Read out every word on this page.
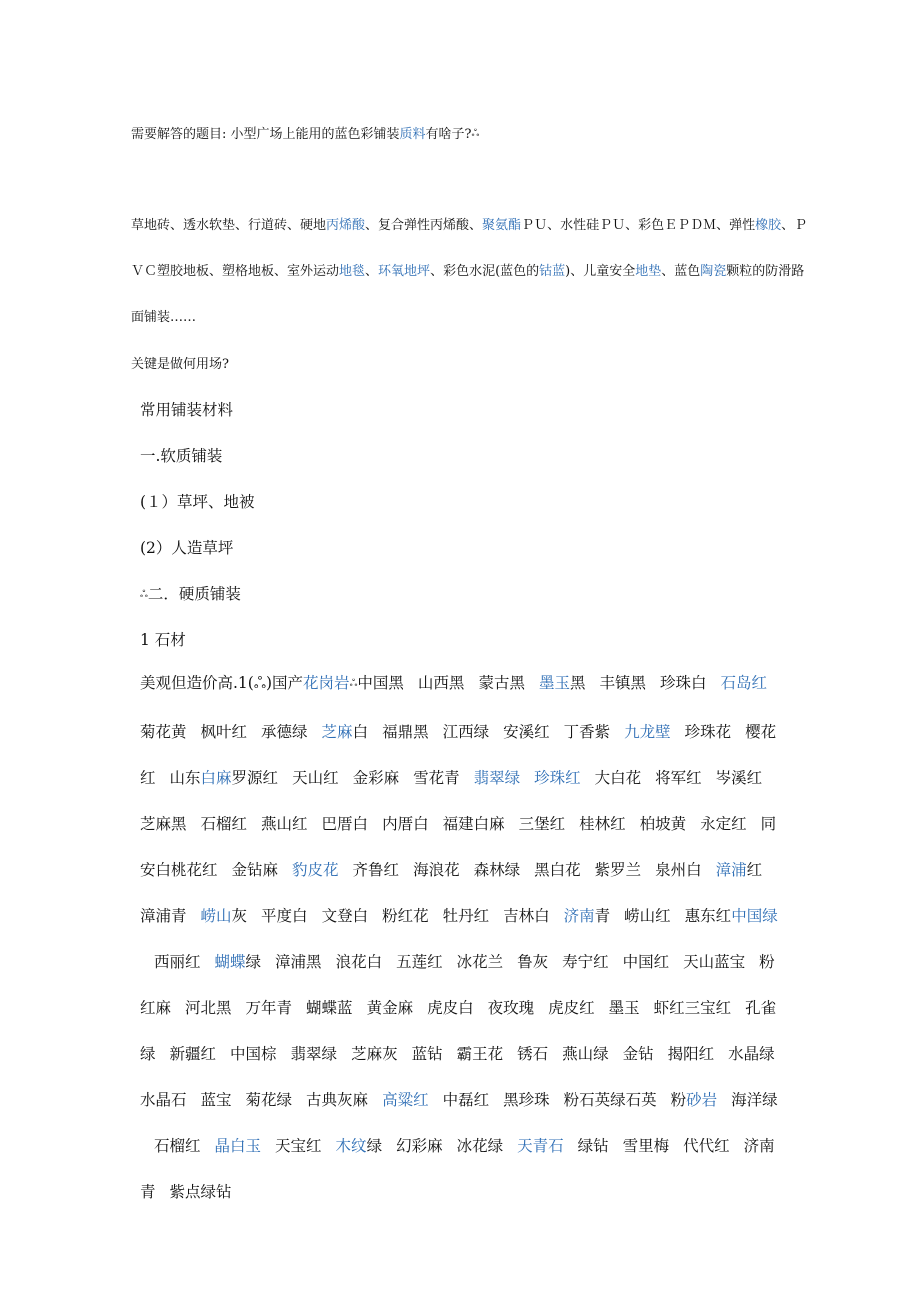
需要解答的题目: 小型广场上能用的蓝色彩铺装质料有啥子?ஃ

草地砖、透水软垫、行道砖、硬地丙烯酸、复合弹性丙烯酸、聚氨酯ＰＵ、水性硅ＰＵ、彩色ＥＰＤＭ、弹性橡胶、ＰＶＣ塑胶地板、塑格地板、室外运动地毯、环氧地坪、彩色水泥(蓝色的钴蓝)、儿童安全地垫、蓝色陶瓷颗粒的防滑路面铺装……

关键是做何用场?

常用铺装材料

一.软质铺装

(１）草坪、地被

(2）人造草坪

ஃ二．硬质铺装

1 石材

美观但造价高.1(ஃ)国产花岗岩ஃ中国黑 山西黑 蒙古黑 墨玉黑 丰镇黑 珍珠白 石岛红菊花黄 枫叶红 承德绿 芝麻白 福鼎黑 江西绿 安溪红 丁香紫 九龙壁 珍珠花 樱花红 山东白麻罗源红 天山红 金彩麻 雪花青 翡翠绿 珍珠红 大白花 将军红 岑溪红芝麻黑 石榴红 燕山红 巴厝白 内厝白 福建白麻 三堡红 桂林红 柏坡黄 永定红 同安白桃花红 金钻麻 豹皮花 齐鲁红 海浪花 森林绿 黑白花 紫罗兰 泉州白 漳浦红漳浦青 崂山灰 平度白 文登白 粉红花 牡丹红 吉林白 济南青 崂山红 惠东红中国绿西丽红 蝴蝶绿 漳浦黑 浪花白 五莲红 冰花兰 鲁灰 寿宁红 中国红 天山蓝宝 粉红麻 河北黑 万年青 蝴蝶蓝 黄金麻 虎皮白 夜玫瑰 虎皮红 墨玉 虾红三宝红 孔雀绿 新疆红 中国棕 翡翠绿 芝麻灰 蓝钻 霸王花 锈石 燕山绿 金钻 揭阳红 水晶绿水晶石 蓝宝 菊花绿 古典灰麻 高粱红 中磊红 黑珍珠 粉石英绿石英 粉砂岩 海洋绿石榴红 晶白玉 天宝红 木纹绿 幻彩麻 冰花绿 天青石 绿钻 雪里梅 代代红 济南青 紫点绿钻
